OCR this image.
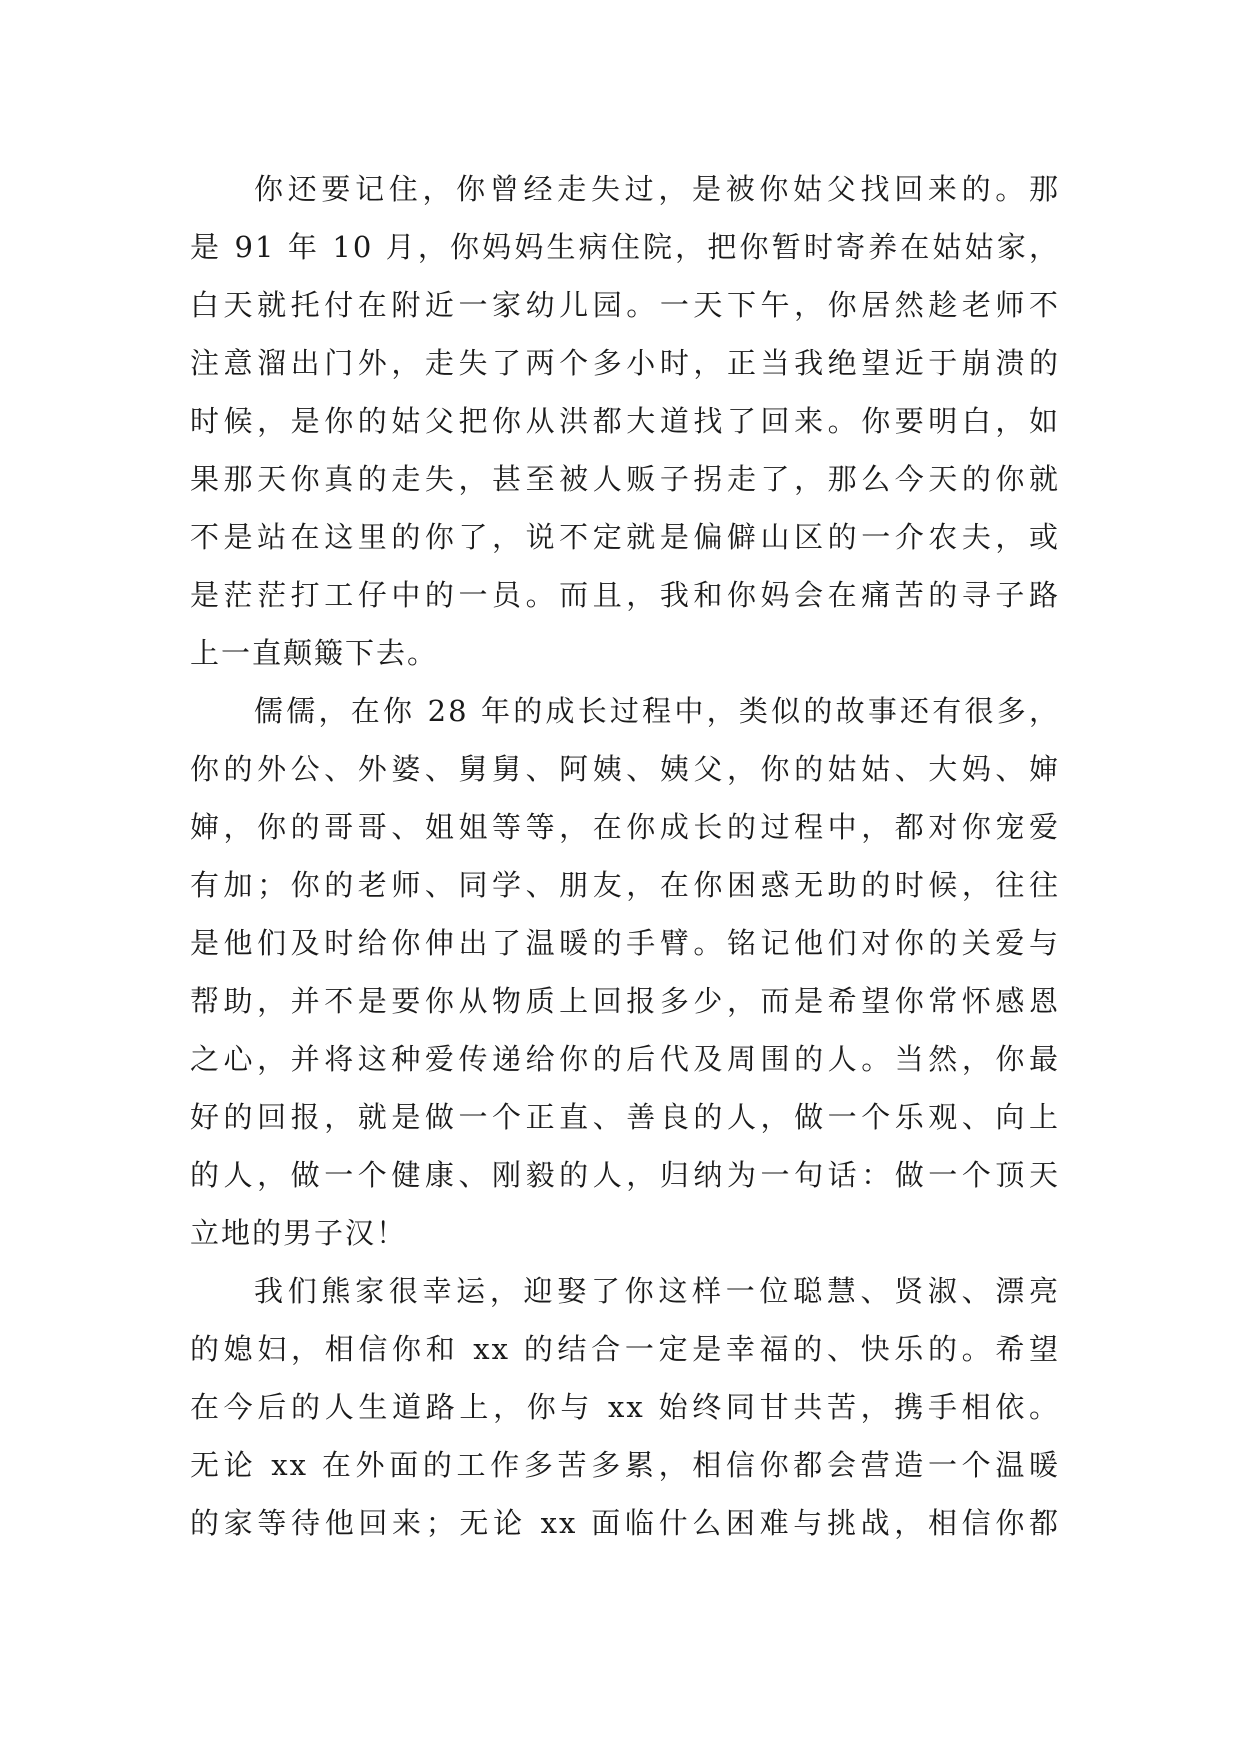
你还要记住，你曾经走失过，是被你姑父找回来的。那
是 91 年 10 月，你妈妈生病住院，把你暂时寄养在姑姑家，
白天就托付在附近一家幼儿园。一天下午，你居然趁老师不
注意溜出门外，走失了两个多小时，正当我绝望近于崩溃的
时候，是你的姑父把你从洪都大道找了回来。你要明白，如
果那天你真的走失，甚至被人贩子拐走了，那么今天的你就
不是站在这里的你了，说不定就是偏僻山区的一介农夫，或
是茫茫打工仔中的一员。而且，我和你妈会在痛苦的寻子路
上一直颠簸下去。
儒儒，在你 28 年的成长过程中，类似的故事还有很多，
你的外公、外婆、舅舅、阿姨、姨父，你的姑姑、大妈、婶
婶，你的哥哥、姐姐等等，在你成长的过程中，都对你宠爱
有加；你的老师、同学、朋友，在你困惑无助的时候，往往
是他们及时给你伸出了温暖的手臂。铭记他们对你的关爱与
帮助，并不是要你从物质上回报多少，而是希望你常怀感恩
之心，并将这种爱传递给你的后代及周围的人。当然，你最
好的回报，就是做一个正直、善良的人，做一个乐观、向上
的人，做一个健康、刚毅的人，归纳为一句话：做一个顶天
立地的男子汉！
我们熊家很幸运，迎娶了你这样一位聪慧、贤淑、漂亮
的媳妇，相信你和 xx 的结合一定是幸福的、快乐的。希望
在今后的人生道路上，你与 xx 始终同甘共苦，携手相依。
无论 xx 在外面的工作多苦多累，相信你都会营造一个温暖
的家等待他回来；无论 xx 面临什么困难与挑战，相信你都
